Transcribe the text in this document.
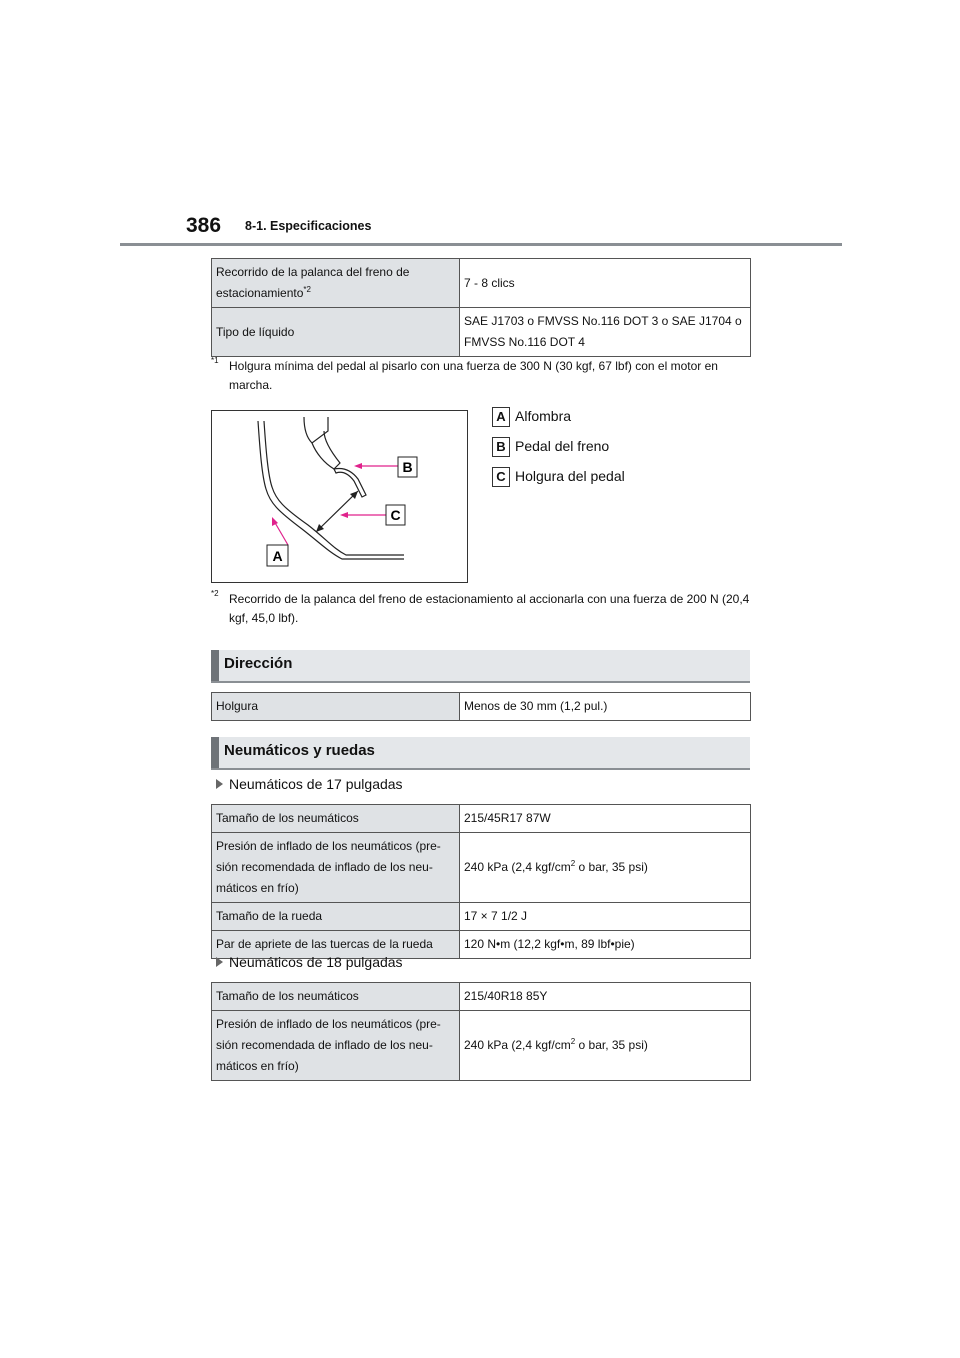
386 8-1. Especificaciones
Recorrido de la palanca del freno de estacionamiento$^{*2}$	7 - 8 clics
Tipo de líquido	SAE J1703 o FMVSS No.116 DOT 3 o SAE J1704 o FMVSS No.116 DOT 4
*1 Holgura mínima del pedal al pisarlo con una fuerza de 300 N (30 kgf, 67 lbf) con el motor en marcha.
B
C
A
A Alfombra
B Pedal del freno
C Holgura del pedal
*2 Recorrido de la palanca del freno de estacionamiento al accionarla con una fuerza de 200 N (20,4 kgf, 45,0 lbf).
Dirección
Holgura	Menos de 30 mm (1,2 pul.)
Neumáticos y ruedas
Neumáticos de 17 pulgadas
Tamaño de los neumáticos	215/45R17 87W
Presión de inflado de los neumáticos (pre-sión recomendada de inflado de los neu-máticos en frío)	240 kPa (2,4 kgf/$cm^2$ o bar, 35 psi)
Tamaño de la rueda	17 × 7 1/2 J
Par de apriete de las tuercas de la rueda	120 N•m (12,2 kgf•m, 89 lbf•pie)
Neumáticos de 18 pulgadas
Tamaño de los neumáticos	215/40R18 85Y
Presión de inflado de los neumáticos (pre-sión recomendada de inflado de los neu-máticos en frío)	240 kPa (2,4 kgf/$cm^2$ o bar, 35 psi)
